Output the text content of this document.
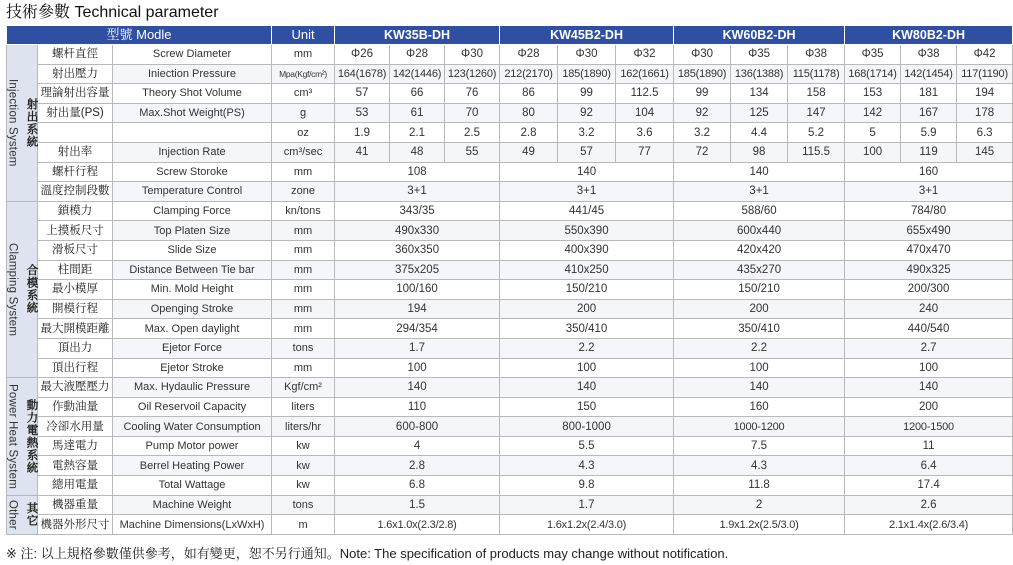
技術參數 Technical parameter
型號 Modle			Unit	KW35B-DH			KW45B2-DH			KW60B2-DH			KW80B2-DH		

Injection System 射出系統	螺杆直徑	Screw Diameter	mm	Φ26	Φ28	Φ30	Φ28	Φ30	Φ32	Φ30	Φ35	Φ38	Φ35	Φ38	Φ42
	射出壓力	Iniection Pressure	Mpa(Kgf/cm²)	164(1678)	142(1446)	123(1260)	212(2170)	185(1890)	162(1661)	185(1890)	136(1388)	115(1178)	168(1714)	142(1454)	117(1190)
	理論射出容量	Theory Shot Volume	cm³	57	66	76	86	99	112.5	99	134	158	153	181	194
	射出量(PS)	Max.Shot Weight(PS)	g	53	61	70	80	92	104	92	125	147	142	167	178
			oz	1.9	2.1	2.5	2.8	3.2	3.6	3.2	4.4	5.2	5	5.9	6.3
	射出率	Injection Rate	cm³/sec	41	48	55	49	57	77	72	98	115.5	100	119	145
	螺杆行程	Screw Storoke	mm	108			140			140			160		
	溫度控制段數	Temperature Control	zone	3+1			3+1			3+1			3+1		

Clamping System 合模系統	鎖模力	Clamping Force	kn/tons	343/35			441/45			588/60			784/80		
	上摸板尺寸	Top Platen Size	mm	490x330			550x390			600x440			655x490		
	滑板尺寸	Slide Size	mm	360x350			400x390			420x420			470x470		
	柱間距	Distance Between Tie bar	mm	375x205			410x250			435x270			490x325		
	最小模厚	Min. Mold Height	mm	100/160			150/210			150/210			200/300		
	開模行程	Openging Stroke	mm	194			200			200			240		
	最大開模距離	Max. Open daylight	mm	294/354			350/410			350/410			440/540		
	頂出力	Ejetor Force	tons	1.7			2.2			2.2			2.7		
	頂出行程	Ejetor Stroke	mm	100			100			100			100		

Power Heat System 動力電熱系統	最大液壓壓力	Max. Hydaulic Pressure	Kgf/cm²	140			140			140			140		
	作動油量	Oil Reservoil Capacity	liters	110			150			160			200		
	冷卻水用量	Cooling Water Consumption	liters/hr	600-800			800-1000			1000-1200			1200-1500		
	馬達電力	Pump Motor power	kw	4			5.5			7.5			11		
	電熱容量	Berrel Heating Power	kw	2.8			4.3			4.3			6.4		
	總用電量	Total Wattage	kw	6.8			9.8			11.8			17.4		

Other 其它	機器重量	Machine Weight	tons	1.5			1.7			2			2.6		
	機器外形尺寸	Machine Dimensions(LxWxH)	m	1.6x1.0x(2.3/2.8)			1.6x1.2x(2.4/3.0)			1.9x1.2x(2.5/3.0)			2.1x1.4x(2.6/3.4)		
※ 注: 以上規格參數僅供參考，如有變更，恕不另行通知。Note: The specification of products may change without notification.
